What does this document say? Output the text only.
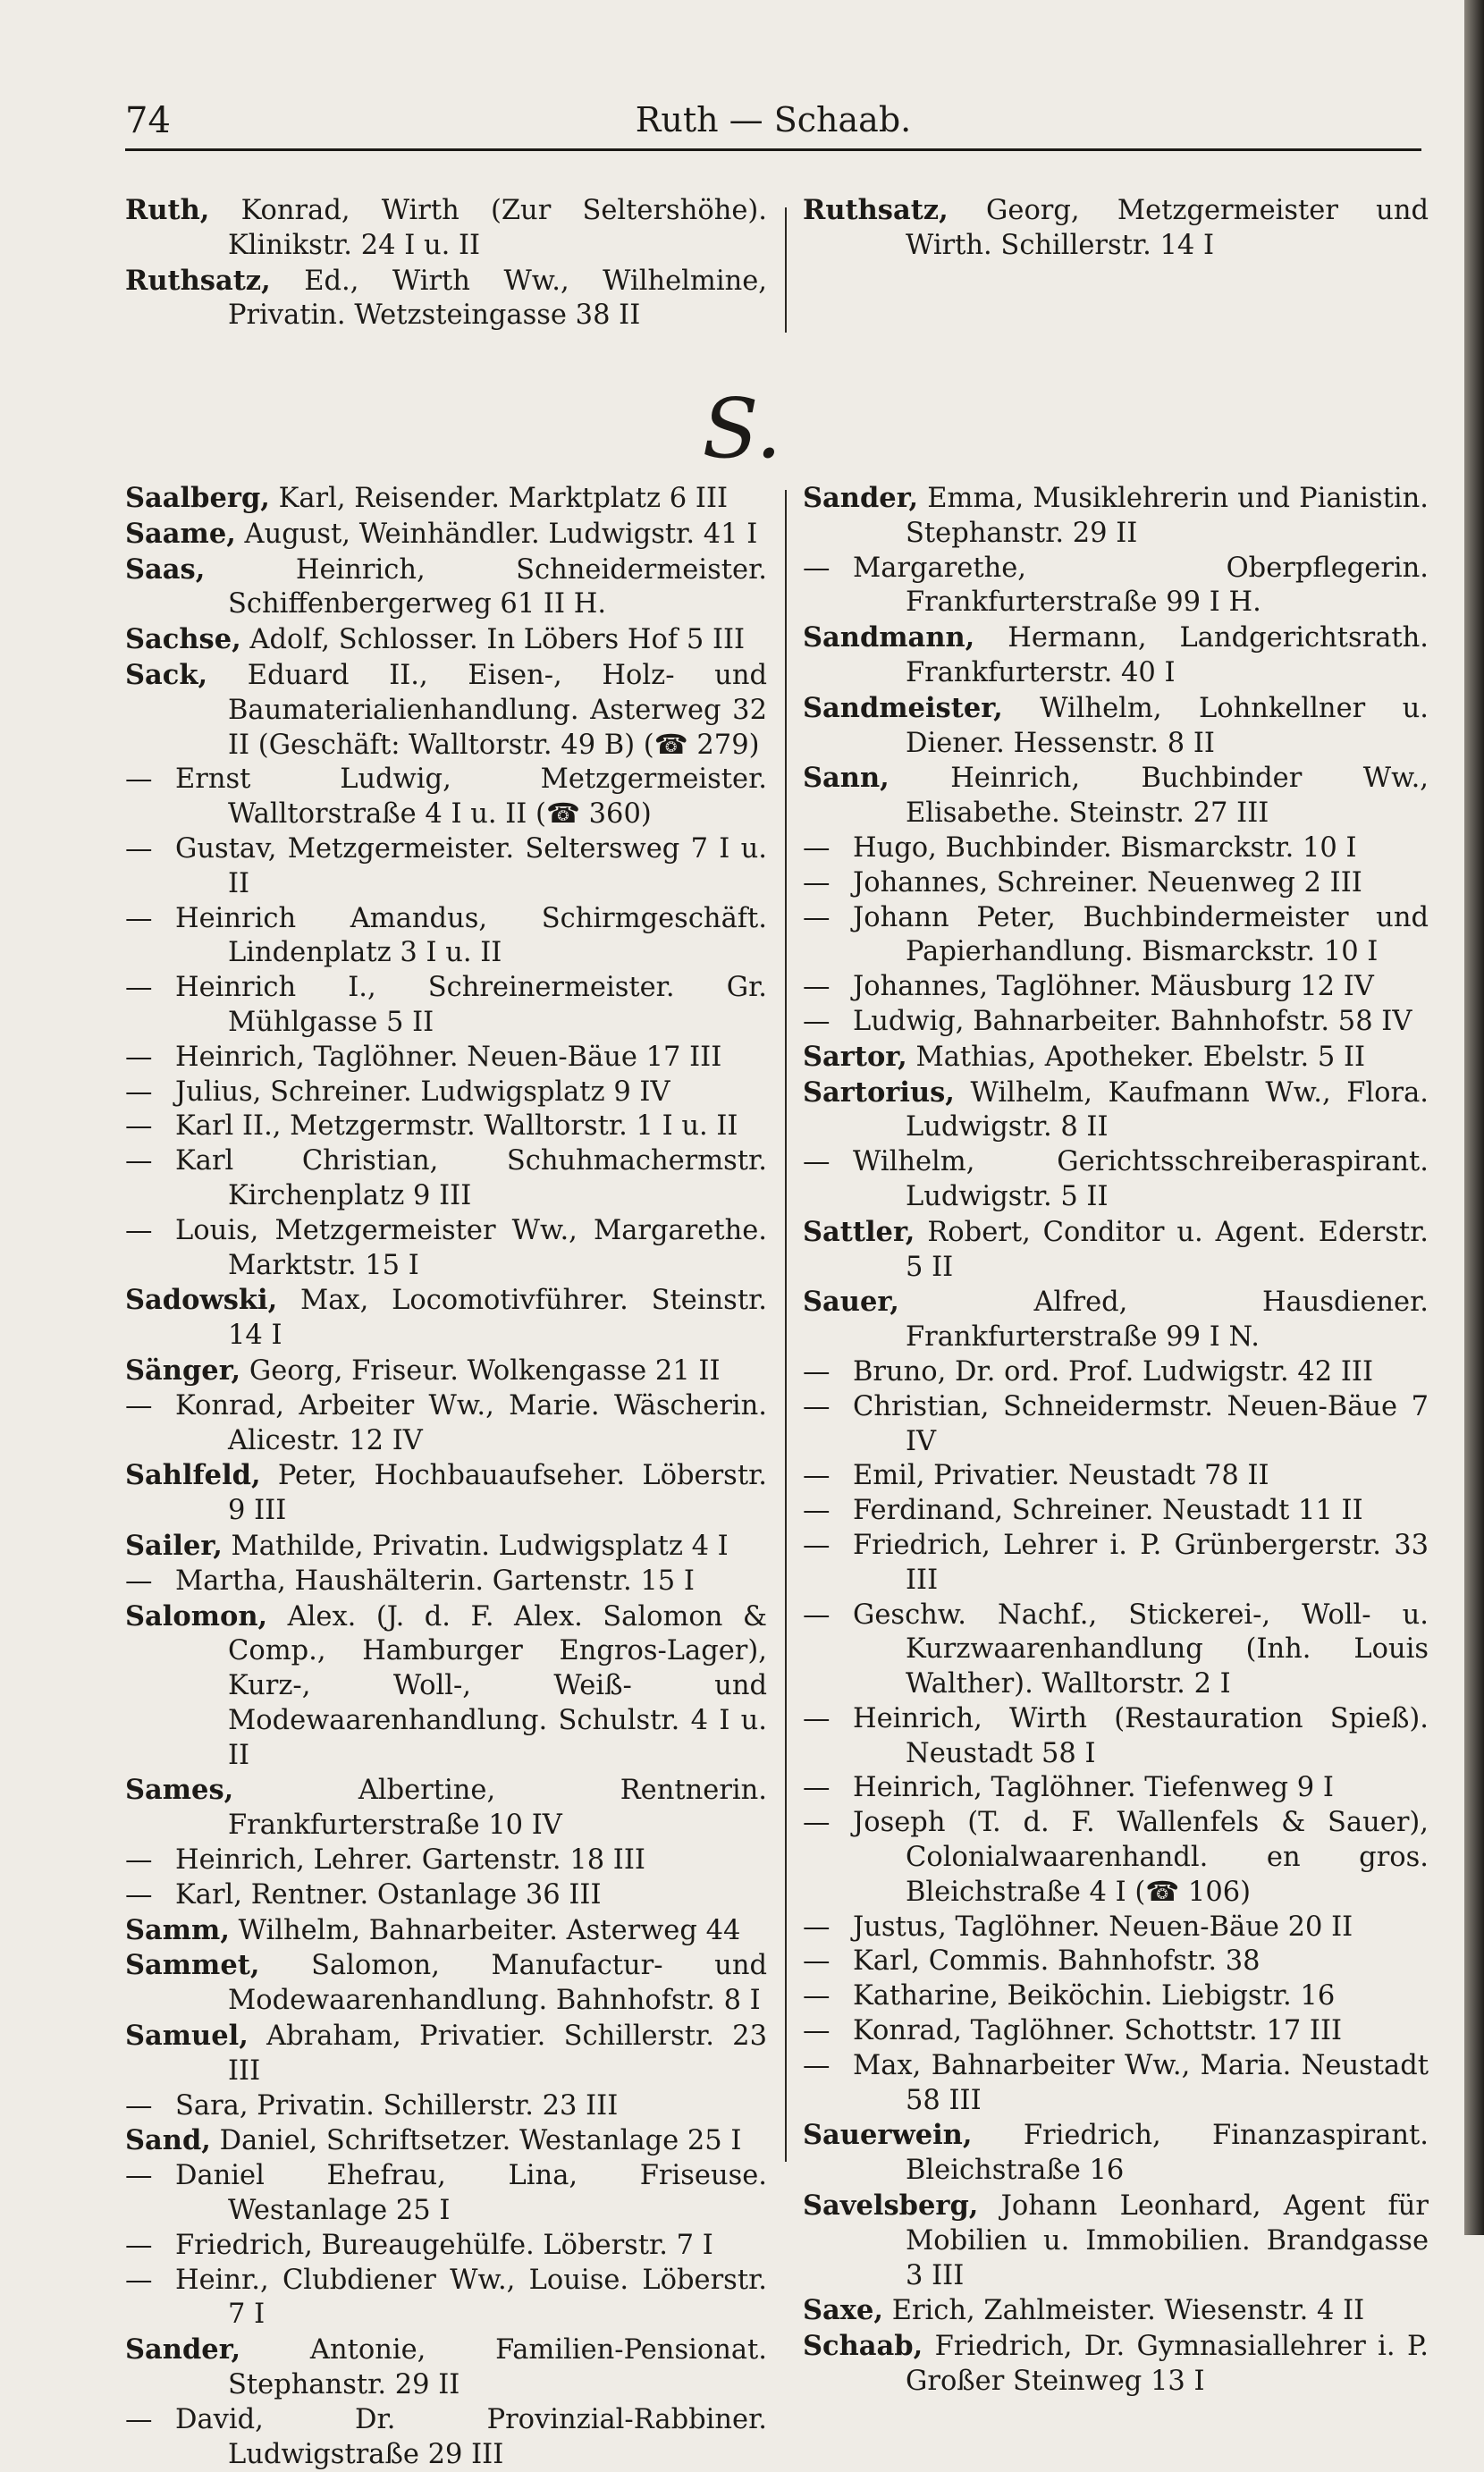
74	Ruth — Schaab.
Ruth, Konrad, Wirth (Zur Seltershöhe). Klinikstr. 24 I u. II
Ruthsatz, Ed., Wirth Ww., Wilhelmine, Privatin. Wetzsteingasse 38 II
Ruthsatz, Georg, Metzgermeister und Wirth. Schillerstr. 14 I
S.
Saalberg, Karl, Reisender. Marktplatz 6 III
Saame, August, Weinhändler. Ludwigstr. 41 I
Saas, Heinrich, Schneidermeister. Schiffenbergerweg 61 II H.
Sachse, Adolf, Schlosser. In Löbers Hof 5 III
Sack, Eduard II., Eisen-, Holz- und Baumaterialienhandlung. Asterweg 32 II (Geschäft: Walltorstr. 49 B) (☎ 279)
— Ernst Ludwig, Metzgermeister. Walltorstraße 4 I u. II (☎ 360)
— Gustav, Metzgermeister. Seltersweg 7 I u. II
— Heinrich Amandus, Schirmgeschäft. Lindenplatz 3 I u. II
— Heinrich I., Schreinermeister. Gr. Mühlgasse 5 II
— Heinrich, Taglöhner. Neuen-Bäue 17 III
— Julius, Schreiner. Ludwigsplatz 9 IV
— Karl II., Metzgermstr. Walltorstr. 1 I u. II
— Karl Christian, Schuhmachermstr. Kirchenplatz 9 III
— Louis, Metzgermeister Ww., Margarethe. Marktstr. 15 I
Sadowski, Max, Locomotivführer. Steinstr. 14 I
Sänger, Georg, Friseur. Wolkengasse 21 II
— Konrad, Arbeiter Ww., Marie. Wäscherin. Alicestr. 12 IV
Sahlfeld, Peter, Hochbauaufseher. Löberstr. 9 III
Sailer, Mathilde, Privatin. Ludwigsplatz 4 I
— Martha, Haushälterin. Gartenstr. 15 I
Salomon, Alex. (J. d. F. Alex. Salomon & Comp., Hamburger Engros-Lager), Kurz-, Woll-, Weiß- und Modewaarenhandlung. Schulstr. 4 I u. II
Sames, Albertine, Rentnerin. Frankfurterstraße 10 IV
— Heinrich, Lehrer. Gartenstr. 18 III
— Karl, Rentner. Ostanlage 36 III
Samm, Wilhelm, Bahnarbeiter. Asterweg 44
Sammet, Salomon, Manufactur- und Modewaarenhandlung. Bahnhofstr. 8 I
Samuel, Abraham, Privatier. Schillerstr. 23 III
— Sara, Privatin. Schillerstr. 23 III
Sand, Daniel, Schriftsetzer. Westanlage 25 I
— Daniel Ehefrau, Lina, Friseuse. Westanlage 25 I
— Friedrich, Bureaugehülfe. Löberstr. 7 I
— Heinr., Clubdiener Ww., Louise. Löberstr. 7 I
Sander, Antonie, Familien-Pensionat. Stephanstr. 29 II
— David, Dr. Provinzial-Rabbiner. Ludwigstraße 29 III
Sander, Emma, Musiklehrerin und Pianistin. Stephanstr. 29 II
— Margarethe, Oberpflegerin. Frankfurterstraße 99 I H.
Sandmann, Hermann, Landgerichtsrath. Frankfurterstr. 40 I
Sandmeister, Wilhelm, Lohnkellner u. Diener. Hessenstr. 8 II
Sann, Heinrich, Buchbinder Ww., Elisabethe. Steinstr. 27 III
— Hugo, Buchbinder. Bismarckstr. 10 I
— Johannes, Schreiner. Neuenweg 2 III
— Johann Peter, Buchbindermeister und Papierhandlung. Bismarckstr. 10 I
— Johannes, Taglöhner. Mäusburg 12 IV
— Ludwig, Bahnarbeiter. Bahnhofstr. 58 IV
Sartor, Mathias, Apotheker. Ebelstr. 5 II
Sartorius, Wilhelm, Kaufmann Ww., Flora. Ludwigstr. 8 II
— Wilhelm, Gerichtsschreiberaspirant. Ludwigstr. 5 II
Sattler, Robert, Conditor u. Agent. Ederstr. 5 II
Sauer, Alfred, Hausdiener. Frankfurterstraße 99 I N.
— Bruno, Dr. ord. Prof. Ludwigstr. 42 III
— Christian, Schneidermstr. Neuen-Bäue 7 IV
— Emil, Privatier. Neustadt 78 II
— Ferdinand, Schreiner. Neustadt 11 II
— Friedrich, Lehrer i. P. Grünbergerstr. 33 III
— Geschw. Nachf., Stickerei-, Woll- u. Kurzwaarenhandlung (Inh. Louis Walther). Walltorstr. 2 I
— Heinrich, Wirth (Restauration Spieß). Neustadt 58 I
— Heinrich, Taglöhner. Tiefenweg 9 I
— Joseph (T. d. F. Wallenfels & Sauer), Colonialwaarenhandl. en gros. Bleichstraße 4 I (☎ 106)
— Justus, Taglöhner. Neuen-Bäue 20 II
— Karl, Commis. Bahnhofstr. 38
— Katharine, Beiköchin. Liebigstr. 16
— Konrad, Taglöhner. Schottstr. 17 III
— Max, Bahnarbeiter Ww., Maria. Neustadt 58 III
Sauerwein, Friedrich, Finanzaspirant. Bleichstraße 16
Savelsberg, Johann Leonhard, Agent für Mobilien u. Immobilien. Brandgasse 3 III
Saxe, Erich, Zahlmeister. Wiesenstr. 4 II
Schaab, Friedrich, Dr. Gymnasiallehrer i. P. Großer Steinweg 13 I
